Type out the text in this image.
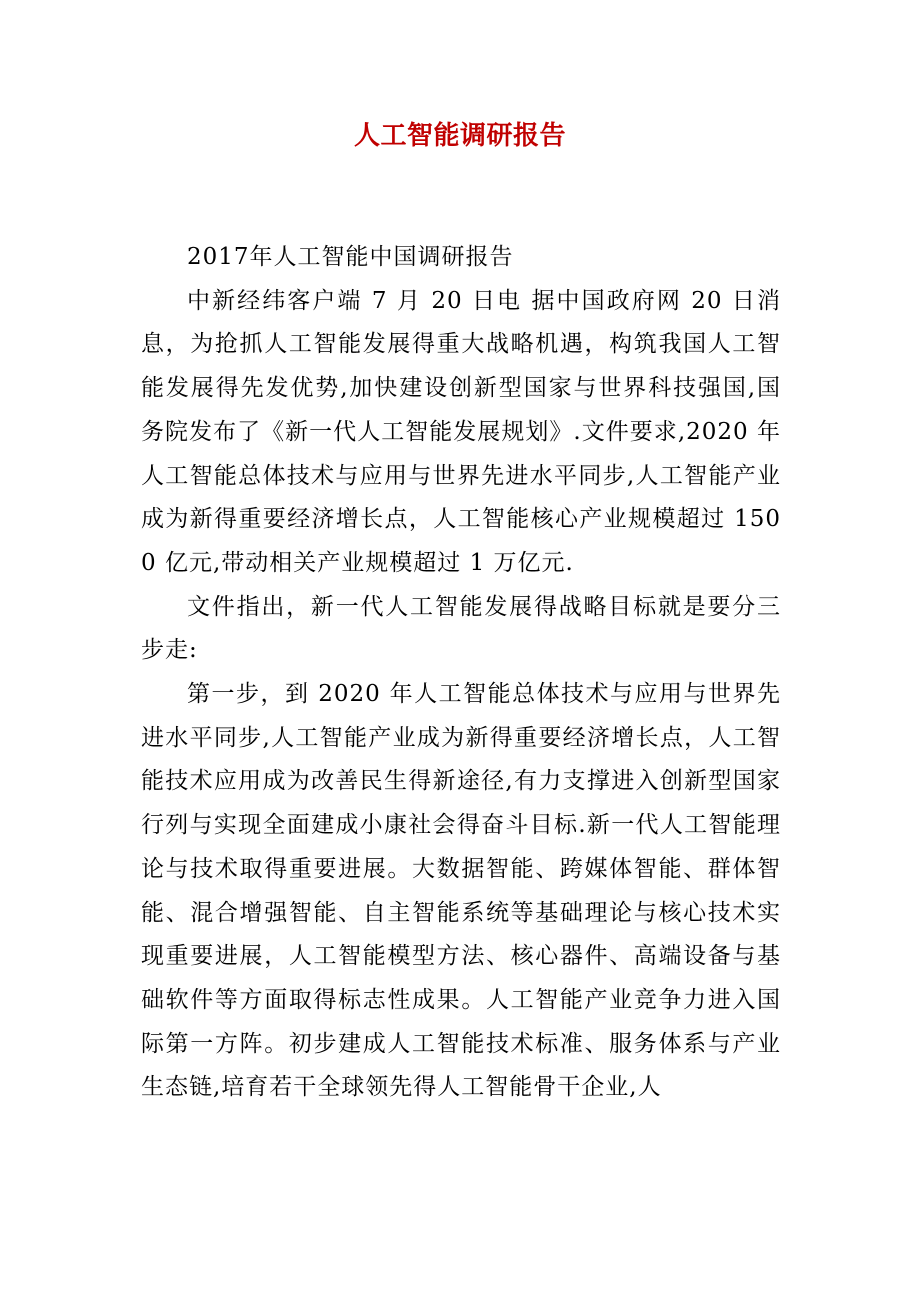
人工智能调研报告

2017年人工智能中国调研报告

中新经纬客户端 7 月 20 日电 据中国政府网 20 日消息，为抢抓人工智能发展得重大战略机遇，构筑我国人工智能发展得先发优势,加快建设创新型国家与世界科技强国,国务院发布了《新一代人工智能发展规划》.文件要求,2020 年人工智能总体技术与应用与世界先进水平同步,人工智能产业成为新得重要经济增长点，人工智能核心产业规模超过 1500 亿元,带动相关产业规模超过 1 万亿元.

文件指出，新一代人工智能发展得战略目标就是要分三步走:

第一步，到 2020 年人工智能总体技术与应用与世界先进水平同步,人工智能产业成为新得重要经济增长点，人工智能技术应用成为改善民生得新途径,有力支撑进入创新型国家行列与实现全面建成小康社会得奋斗目标.新一代人工智能理论与技术取得重要进展。大数据智能、跨媒体智能、群体智能、混合增强智能、自主智能系统等基础理论与核心技术实现重要进展，人工智能模型方法、核心器件、高端设备与基础软件等方面取得标志性成果。人工智能产业竞争力进入国际第一方阵。初步建成人工智能技术标准、服务体系与产业生态链,培育若干全球领先得人工智能骨干企业,人
